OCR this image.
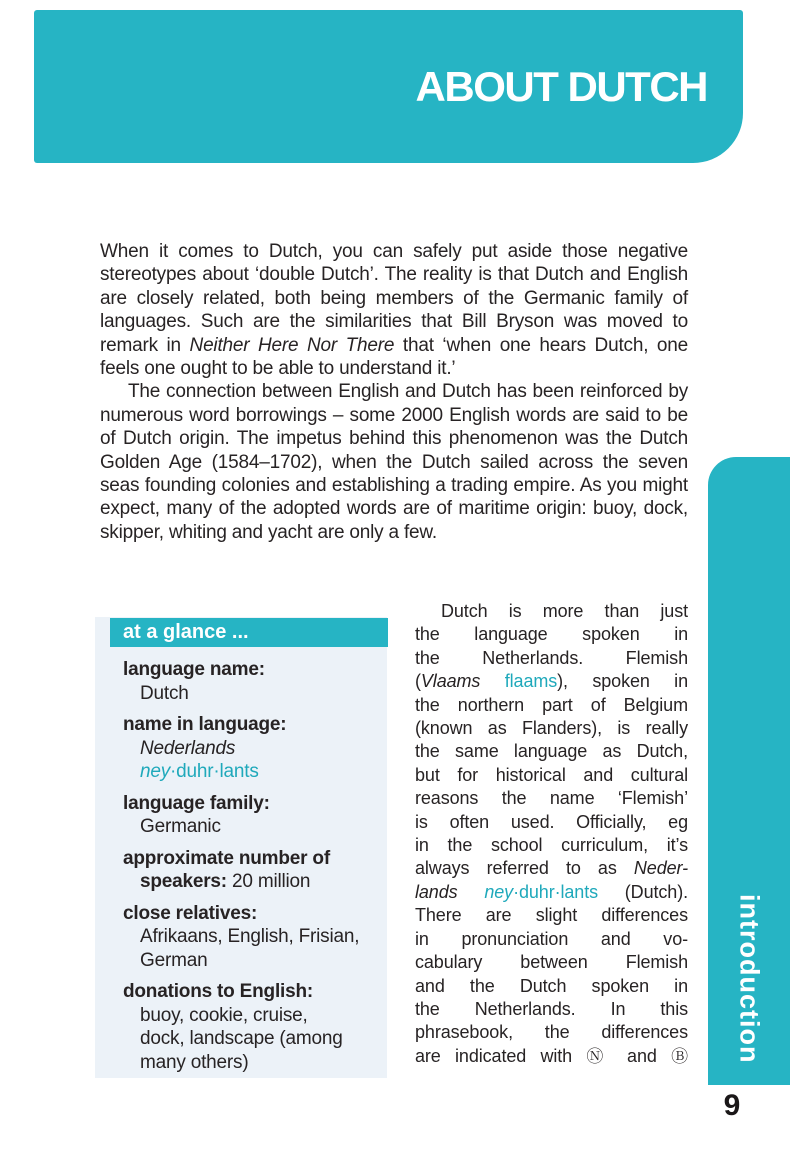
ABOUT DUTCH

When it comes to Dutch, you can safely put aside those negative stereotypes about ‘double Dutch’. The reality is that Dutch and English are closely related, both being members of the Germanic family of languages. Such are the similarities that Bill Bryson was moved to remark in Neither Here Nor There that ‘when one hears Dutch, one feels one ought to be able to understand it.’

The connection between English and Dutch has been reinforced by numerous word borrowings – some 2000 English words are said to be of Dutch origin. The impetus behind this phenomenon was the Dutch Golden Age (1584–1702), when the Dutch sailed across the seven seas founding colonies and establishing a trading empire. As you might expect, many of the adopted words are of maritime origin: buoy, dock, skipper, whiting and yacht are only a few.

at a glance ...
language name:
Dutch
name in language:
Nederlands
ney·duhr·lants
language family:
Germanic
approximate number of
speakers: 20 million
close relatives:
Afrikaans, English, Frisian,
German
donations to English:
buoy, cookie, cruise,
dock, landscape (among
many others)
Dutch is more than just
the language spoken in
the Netherlands. Flemish
(Vlaams flaams), spoken in
the northern part of Belgium
(known as Flanders), is really
the same language as Dutch,
but for historical and cultural
reasons the name ‘Flemish’
is often used. Officially, eg
in the school curriculum, it’s
always referred to as Neder-
lands ney·duhr·lants (Dutch).
There are slight differences
in pronunciation and vo-
cabulary between Flemish
and the Dutch spoken in
the Netherlands. In this
phrasebook, the differences
are indicated with Ⓝ and Ⓑ introduction
9
